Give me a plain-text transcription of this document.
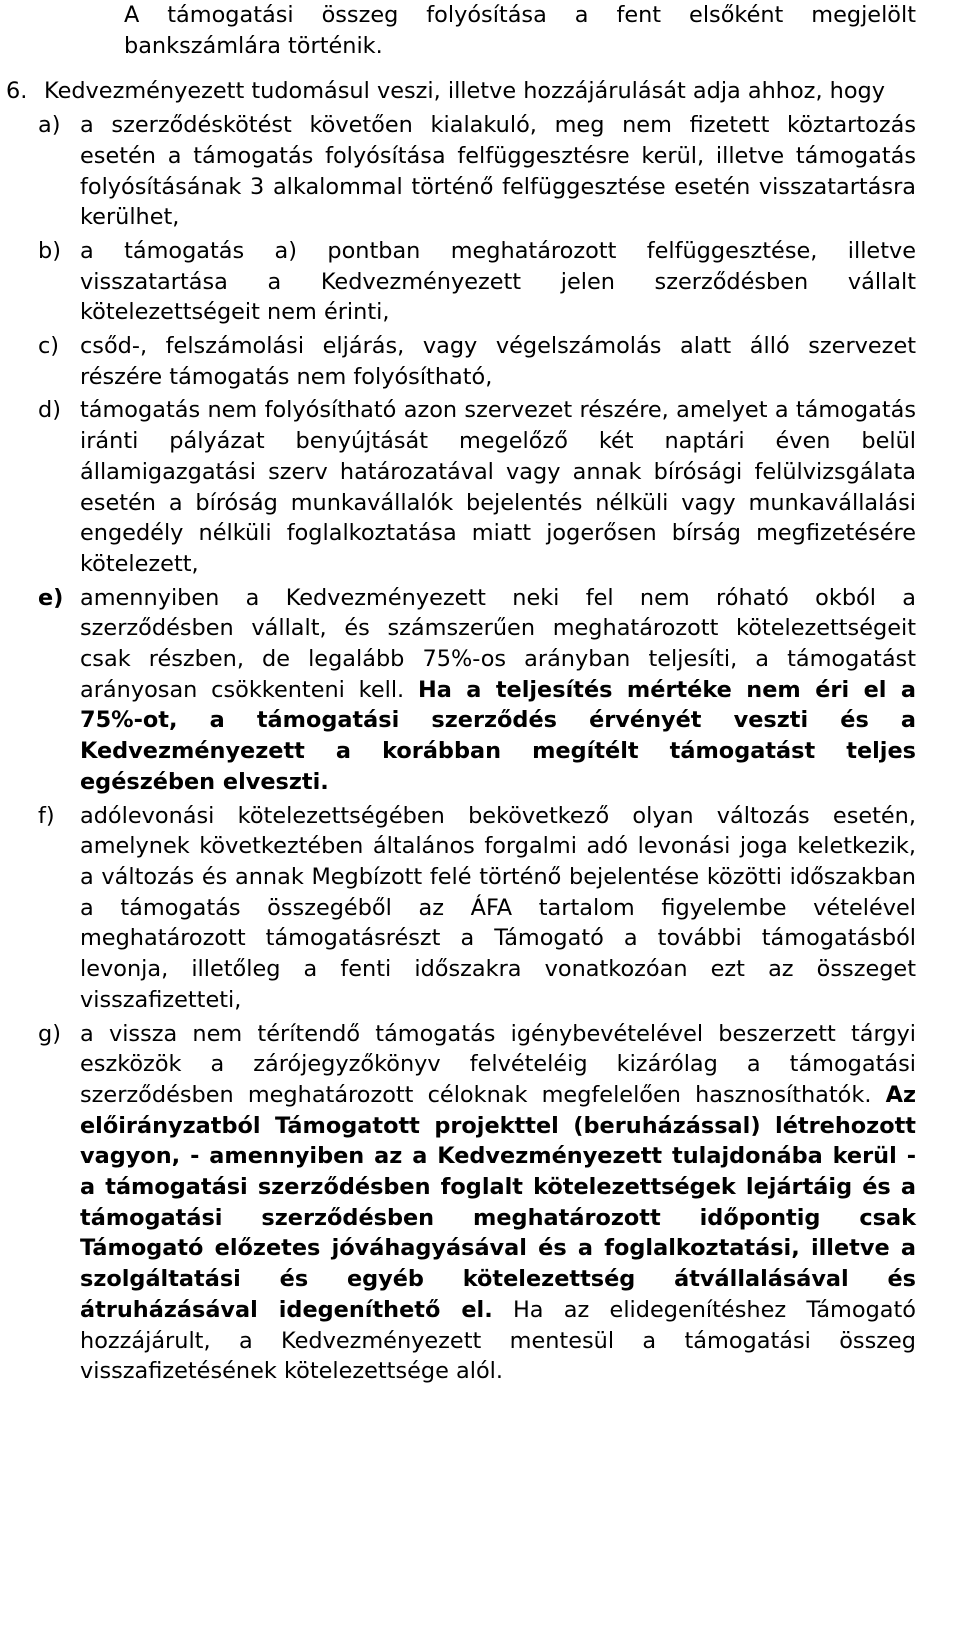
A támogatási összeg folyósítása a fent elsőként megjelölt bankszámlára történik.

6. Kedvezményezett tudomásul veszi, illetve hozzájárulását adja ahhoz, hogy
a) a szerződéskötést követően kialakuló, meg nem fizetett köztartozás esetén a támogatás folyósítása felfüggesztésre kerül, illetve támogatás folyósításának 3 alkalommal történő felfüggesztése esetén visszatartásra kerülhet,
b) a támogatás a) pontban meghatározott felfüggesztése, illetve visszatartása a Kedvezményezett jelen szerződésben vállalt kötelezettségeit nem érinti,
c) csőd-, felszámolási eljárás, vagy végelszámolás alatt álló szervezet részére támogatás nem folyósítható,
d) támogatás nem folyósítható azon szervezet részére, amelyet a támogatás iránti pályázat benyújtását megelőző két naptári éven belül államigazgatási szerv határozatával vagy annak bírósági felülvizsgálata esetén a bíróság munkavállalók bejelentés nélküli vagy munkavállalási engedély nélküli foglalkoztatása miatt jogerősen bírság megfizetésére kötelezett,
e) amennyiben a Kedvezményezett neki fel nem róható okból a szerződésben vállalt, és számszerűen meghatározott kötelezettségeit csak részben, de legalább 75%-os arányban teljesíti, a támogatást arányosan csökkenteni kell. Ha a teljesítés mértéke nem éri el a 75%-ot, a támogatási szerződés érvényét veszti és a Kedvezményezett a korábban megítélt támogatást teljes egészében elveszti.
f)	adólevonási kötelezettségében bekövetkező olyan változás esetén, amelynek következtében általános forgalmi adó levonási joga keletkezik, a változás és annak Megbízott felé történő bejelentése közötti időszakban a támogatás összegéből az ÁFA tartalom figyelembe vételével meghatározott támogatásrészt a Támogató a további támogatásból levonja, illetőleg a fenti időszakra vonatkozóan ezt az összeget visszafizetteti,
g) a vissza nem térítendő támogatás igénybevételével beszerzett tárgyi eszközök a zárójegyzőkönyv felvételéig kizárólag a támogatási szerződésben meghatározott céloknak megfelelően hasznosíthatók. Az előirányzatból Támogatott projekttel (beruházással) létrehozott vagyon, - amennyiben az a Kedvezményezett tulajdonába kerül - a támogatási szerződésben foglalt kötelezettségek lejártáig és a támogatási szerződésben meghatározott időpontig csak Támogató előzetes jóváhagyásával és a foglalkoztatási, illetve a szolgáltatási és egyéb kötelezettség átvállalásával és átruházásával idegeníthető el. Ha az elidegenítéshez Támogató hozzájárult, a Kedvezményezett mentesül a támogatási összeg visszafizetésének kötelezettsége alól.
